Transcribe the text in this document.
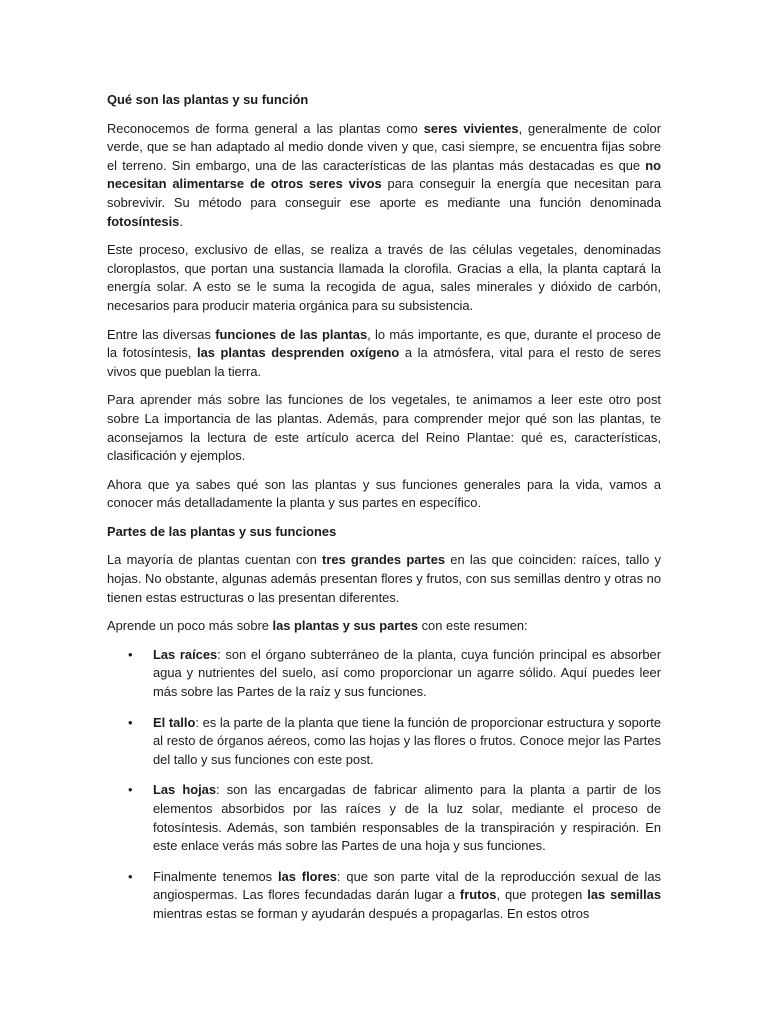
Qué son las plantas y su función

Reconocemos de forma general a las plantas como seres vivientes, generalmente de color verde, que se han adaptado al medio donde viven y que, casi siempre, se encuentra fijas sobre el terreno. Sin embargo, una de las características de las plantas más destacadas es que no necesitan alimentarse de otros seres vivos para conseguir la energía que necesitan para sobrevivir. Su método para conseguir ese aporte es mediante una función denominada fotosíntesis.

Este proceso, exclusivo de ellas, se realiza a través de las células vegetales, denominadas cloroplastos, que portan una sustancia llamada la clorofila. Gracias a ella, la planta captará la energía solar. A esto se le suma la recogida de agua, sales minerales y dióxido de carbón, necesarios para producir materia orgánica para su subsistencia.

Entre las diversas funciones de las plantas, lo más importante, es que, durante el proceso de la fotosíntesis, las plantas desprenden oxígeno a la atmósfera, vital para el resto de seres vivos que pueblan la tierra.

Para aprender más sobre las funciones de los vegetales, te animamos a leer este otro post sobre La importancia de las plantas. Además, para comprender mejor qué son las plantas, te aconsejamos la lectura de este artículo acerca del Reino Plantae: qué es, características, clasificación y ejemplos.

Ahora que ya sabes qué son las plantas y sus funciones generales para la vida, vamos a conocer más detalladamente la planta y sus partes en específico.

Partes de las plantas y sus funciones

La mayoría de plantas cuentan con tres grandes partes en las que coinciden: raíces, tallo y hojas. No obstante, algunas además presentan flores y frutos, con sus semillas dentro y otras no tienen estas estructuras o las presentan diferentes.

Aprende un poco más sobre las plantas y sus partes con este resumen:

• Las raíces: son el órgano subterráneo de la planta, cuya función principal es absorber agua y nutrientes del suelo, así como proporcionar un agarre sólido. Aquí puedes leer más sobre las Partes de la raíz y sus funciones.
• El tallo: es la parte de la planta que tiene la función de proporcionar estructura y soporte al resto de órganos aéreos, como las hojas y las flores o frutos. Conoce mejor las Partes del tallo y sus funciones con este post.
• Las hojas: son las encargadas de fabricar alimento para la planta a partir de los elementos absorbidos por las raíces y de la luz solar, mediante el proceso de fotosíntesis. Además, son también responsables de la transpiración y respiración. En este enlace verás más sobre las Partes de una hoja y sus funciones.
• Finalmente tenemos las flores: que son parte vital de la reproducción sexual de las angiospermas. Las flores fecundadas darán lugar a frutos, que protegen las semillas mientras estas se forman y ayudarán después a propagarlas. En estos otros
